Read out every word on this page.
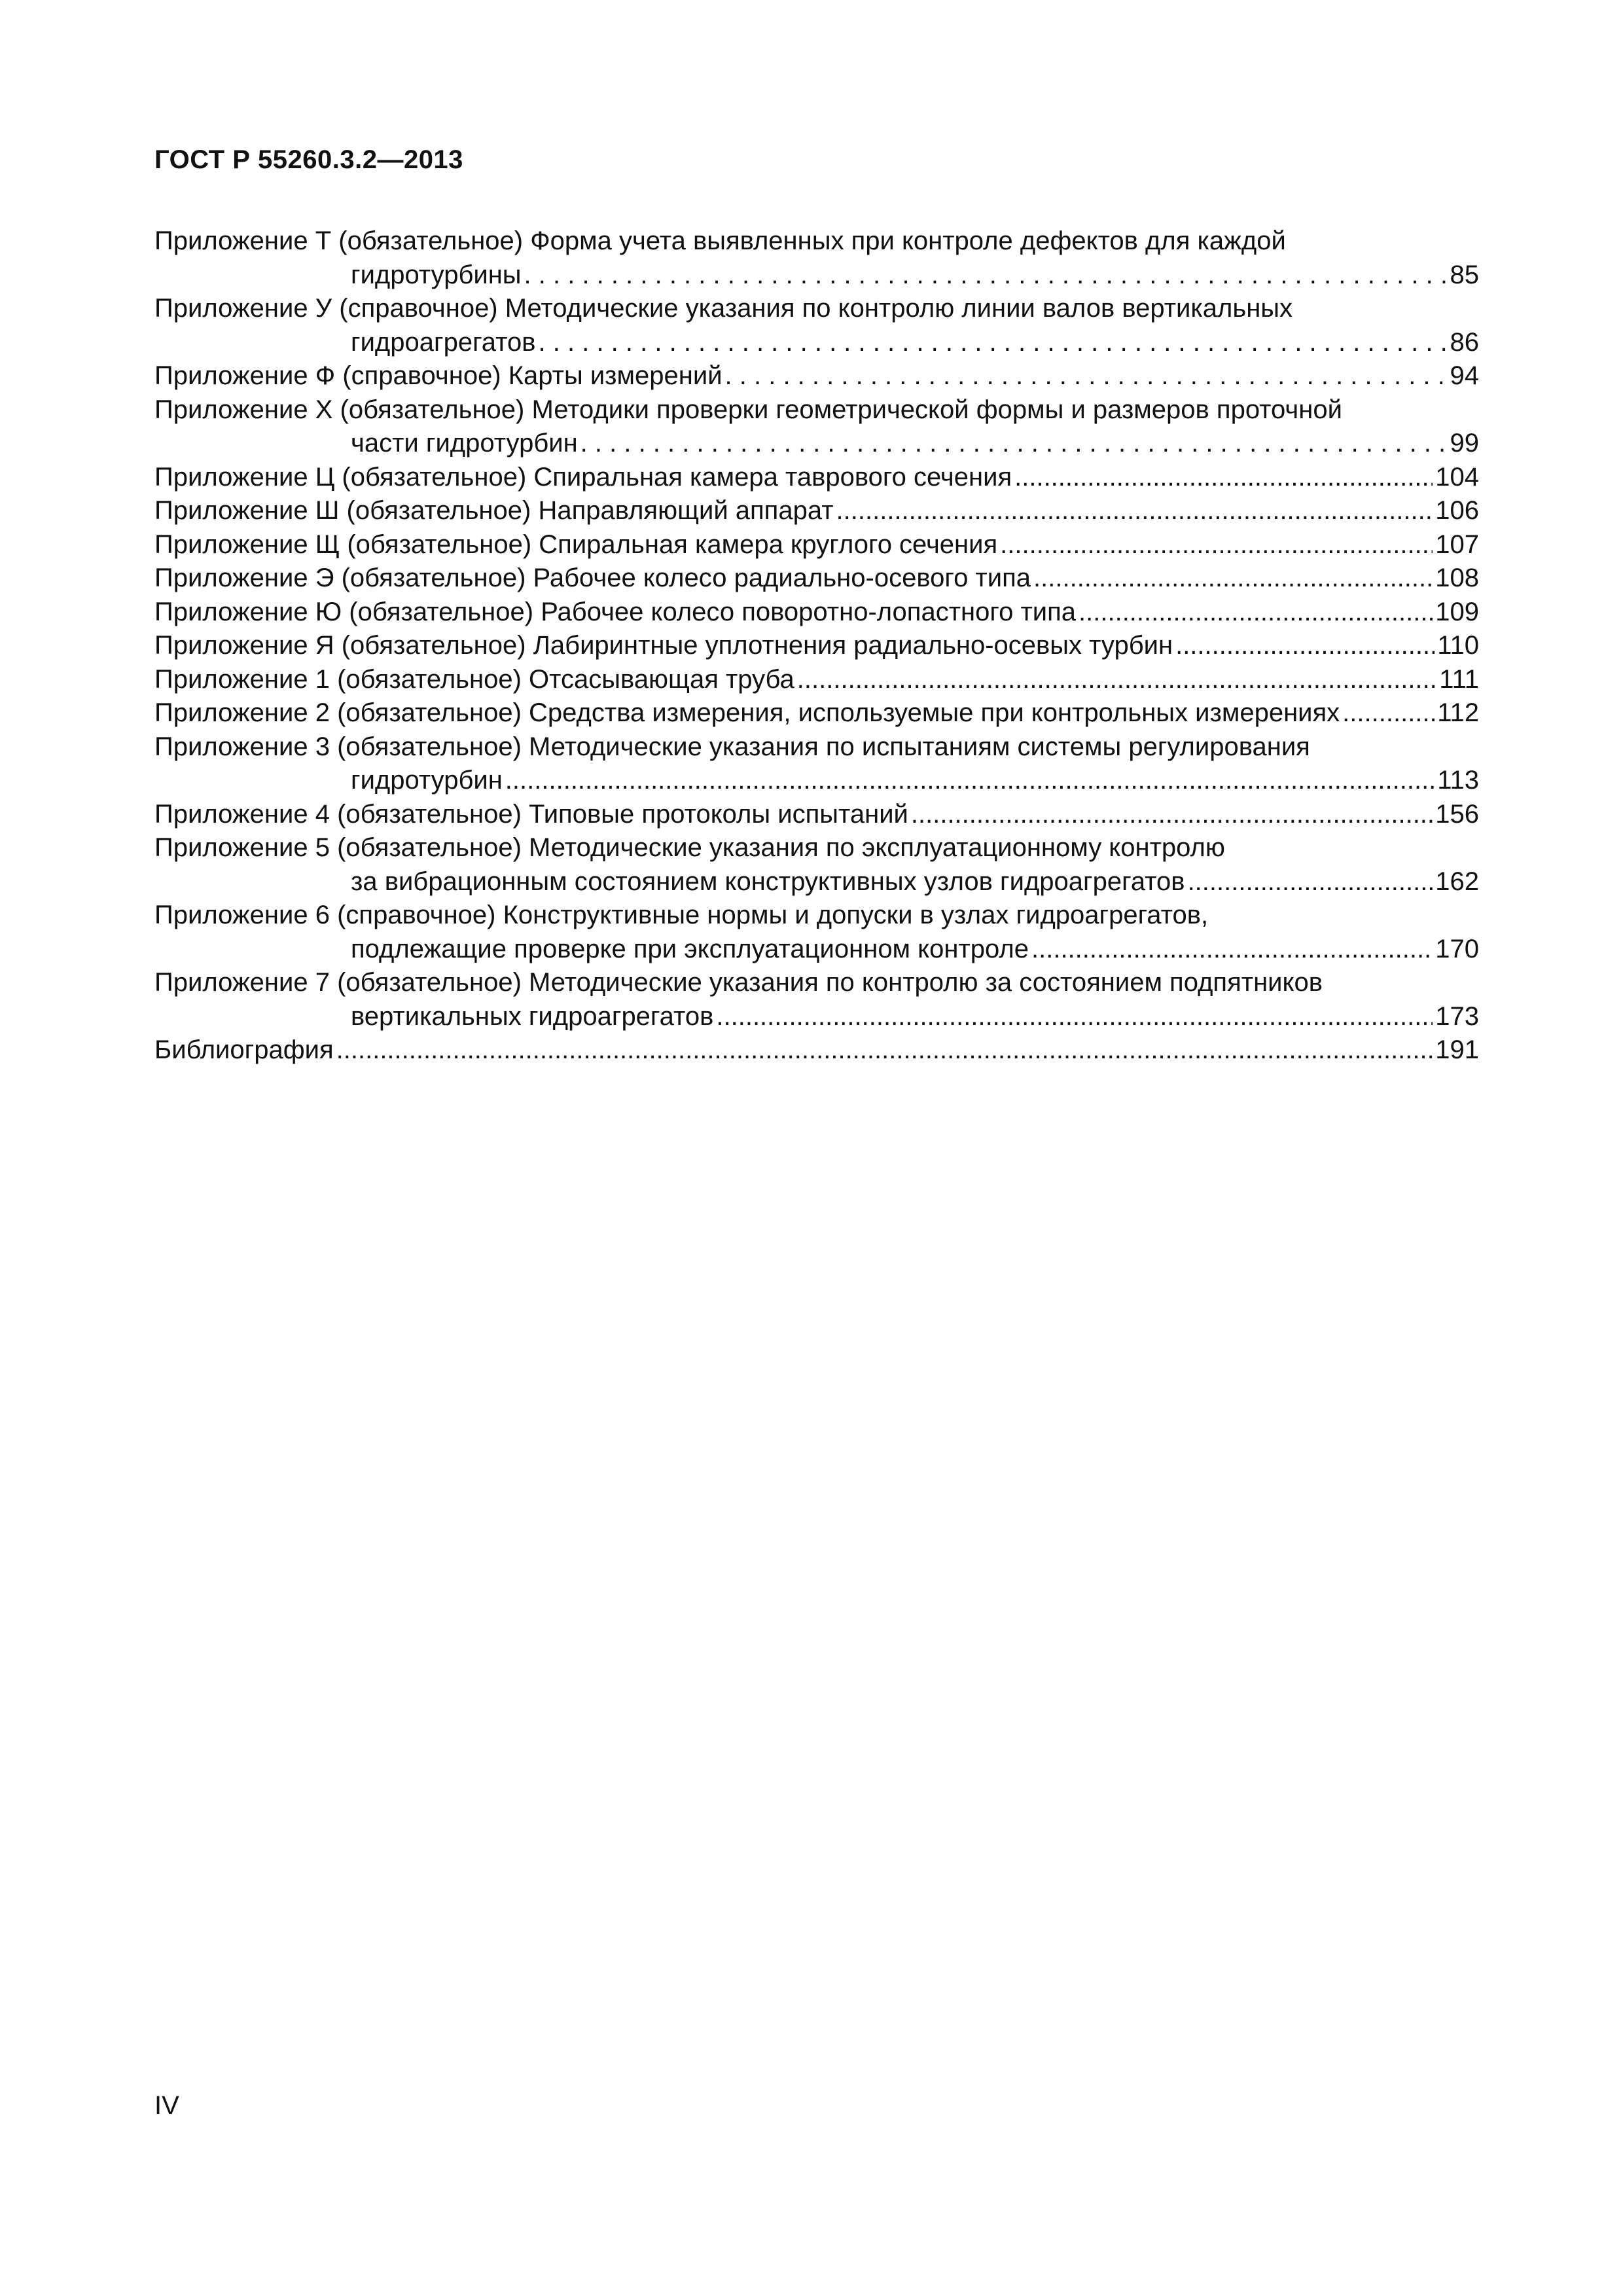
ГОСТ Р 55260.3.2—2013
Приложение Т (обязательное) Форма учета выявленных при контроле дефектов для каждой
гидротурбины . . .	85
Приложение У (справочное) Методические указания по контролю линии валов вертикальных
гидроагрегатов . . .	86
Приложение Ф (справочное) Карты измерений . . .	94
Приложение Х (обязательное) Методики проверки геометрической формы и размеров проточной
части гидротурбин . . .	99
Приложение Ц (обязательное) Спиральная камера таврового сечения .....	104
Приложение Ш (обязательное) Направляющий аппарат .....	106
Приложение Щ (обязательное) Спиральная камера круглого сечения .....	107
Приложение Э (обязательное) Рабочее колесо радиально-осевого типа .....	108
Приложение Ю (обязательное) Рабочее колесо поворотно-лопастного типа .....	109
Приложение Я (обязательное) Лабиринтные уплотнения радиально-осевых турбин .....	110
Приложение 1 (обязательное) Отсасывающая труба .....	111
Приложение 2 (обязательное) Средства измерения, используемые при контрольных измерениях .....	112
Приложение 3 (обязательное) Методические указания по испытаниям системы регулирования
гидротурбин .....	113
Приложение 4 (обязательное) Типовые протоколы испытаний .....	156
Приложение 5 (обязательное) Методические указания по эксплуатационному контролю
за вибрационным состоянием конструктивных узлов гидроагрегатов .....	162
Приложение 6 (справочное) Конструктивные нормы и допуски в узлах гидроагрегатов,
подлежащие проверке при эксплуатационном контроле .....	170
Приложение 7 (обязательное) Методические указания по контролю за состоянием подпятников
вертикальных гидроагрегатов .....	173
Библиография .....	191
IV
